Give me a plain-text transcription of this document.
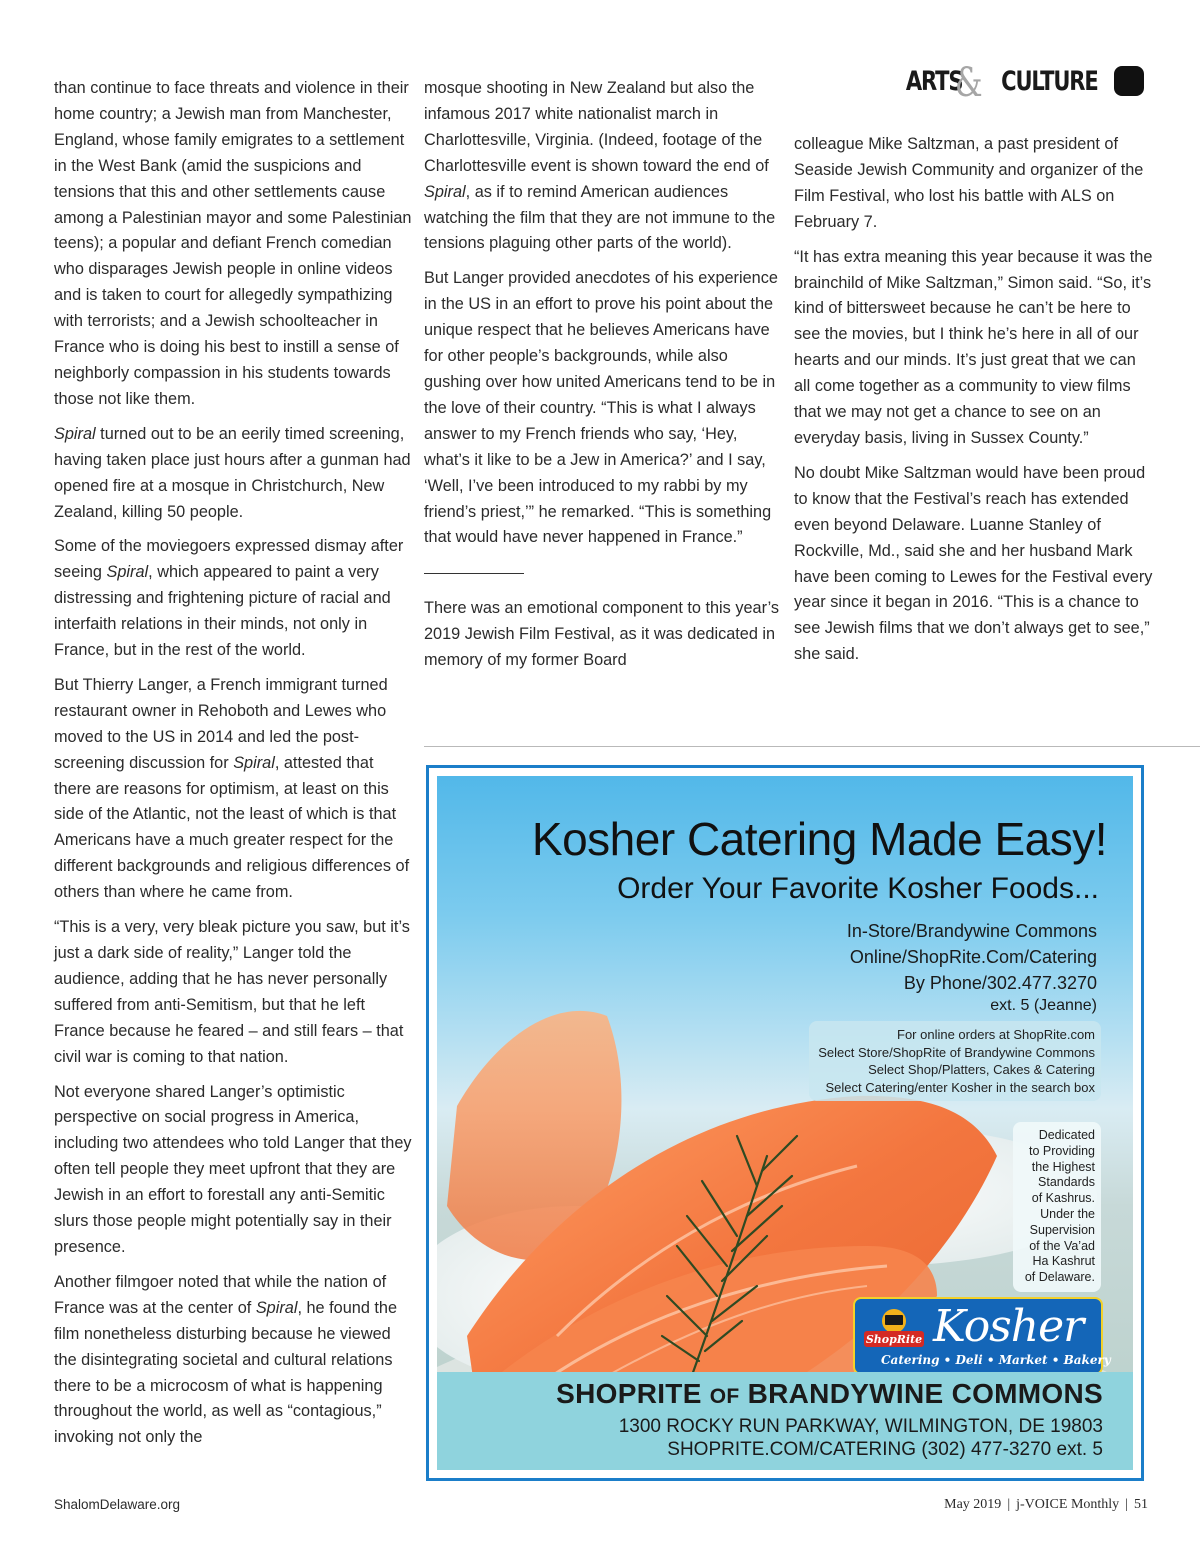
ARTS
& CULTURE

than continue to face threats and violence in their home country; a Jewish man from Manchester, England, whose family emigrates to a settlement in the West Bank (amid the suspicions and tensions that this and other settlements cause among a Palestinian mayor and some Palestinian teens); a popular and defiant French comedian who disparages Jewish people in online videos and is taken to court for allegedly sympathizing with terrorists; and a Jewish schoolteacher in France who is doing his best to instill a sense of neighborly compassion in his students towards those not like them.

Spiral turned out to be an eerily timed screening, having taken place just hours after a gunman had opened fire at a mosque in Christchurch, New Zealand, killing 50 people.

Some of the moviegoers expressed dismay after seeing Spiral, which appeared to paint a very distressing and frightening picture of racial and interfaith relations in their minds, not only in France, but in the rest of the world.

But Thierry Langer, a French immigrant turned restaurant owner in Rehoboth and Lewes who moved to the US in 2014 and led the post-screening discussion for Spiral, attested that there are reasons for optimism, at least on this side of the Atlantic, not the least of which is that Americans have a much greater respect for the different backgrounds and religious differences of others than where he came from.

“This is a very, very bleak picture you saw, but it’s just a dark side of reality,” Langer told the audience, adding that he has never personally suffered from anti-Semitism, but that he left France because he feared – and still fears – that civil war is coming to that nation.

Not everyone shared Langer’s optimistic perspective on social progress in America, including two attendees who told Langer that they often tell people they meet upfront that they are Jewish in an effort to forestall any anti-Semitic slurs those people might potentially say in their presence.

Another filmgoer noted that while the nation of France was at the center of Spiral, he found the film nonetheless disturbing because he viewed the disintegrating societal and cultural relations there to be a microcosm of what is happening throughout the world, as well as “contagious,” invoking not only the

mosque shooting in New Zealand but also the infamous 2017 white nationalist march in Charlottesville, Virginia. (Indeed, footage of the Charlottesville event is shown toward the end of Spiral, as if to remind American audiences watching the film that they are not immune to the tensions plaguing other parts of the world).

But Langer provided anecdotes of his experience in the US in an effort to prove his point about the unique respect that he believes Americans have for other people’s backgrounds, while also gushing over how united Americans tend to be in the love of their country. “This is what I always answer to my French friends who say, ‘Hey, what’s it like to be a Jew in America?’ and I say, ‘Well, I’ve been introduced to my rabbi by my friend’s priest,’” he remarked. “This is something that would have never happened in France.”

There was an emotional component to this year’s 2019 Jewish Film Festival, as it was dedicated in memory of my former Board

colleague Mike Saltzman, a past president of Seaside Jewish Community and organizer of the Film Festival, who lost his battle with ALS on February 7.

“It has extra meaning this year because it was the brainchild of Mike Saltzman,” Simon said. “So, it’s kind of bittersweet because he can’t be here to see the movies, but I think he’s here in all of our hearts and our minds. It’s just great that we can all come together as a community to view films that we may not get a chance to see on an everyday basis, living in Sussex County.”

No doubt Mike Saltzman would have been proud to know that the Festival’s reach has extended even beyond Delaware. Luanne Stanley of Rockville, Md., said she and her husband Mark have been coming to Lewes for the Festival every year since it began in 2016. “This is a chance to see Jewish films that we don’t always get to see,” she said.

Kosher Catering Made Easy!
Order Your Favorite Kosher Foods...
In-Store/Brandywine Commons
Online/ShopRite.Com/Catering
By Phone/302.477.3270
ext. 5 (Jeanne)
For online orders at ShopRite.com
Select Store/ShopRite of Brandywine Commons
Select Shop/Platters, Cakes & Catering
Select Catering/enter Kosher in the search box
Dedicated
to Providing
the Highest
Standards
of Kashrus.
Under the
Supervision
of the Va’ad
Ha Kashrut
of Delaware.
ShopRite Kosher
Catering • Deli • Market • Bakery
SHOPRITE OF BRANDYWINE COMMONS
1300 ROCKY RUN PARKWAY, WILMINGTON, DE 19803
SHOPRITE.COM/CATERING (302) 477-3270 ext. 5
ShalomDelaware.org	May 2019 | j-VOICE Monthly | 51
